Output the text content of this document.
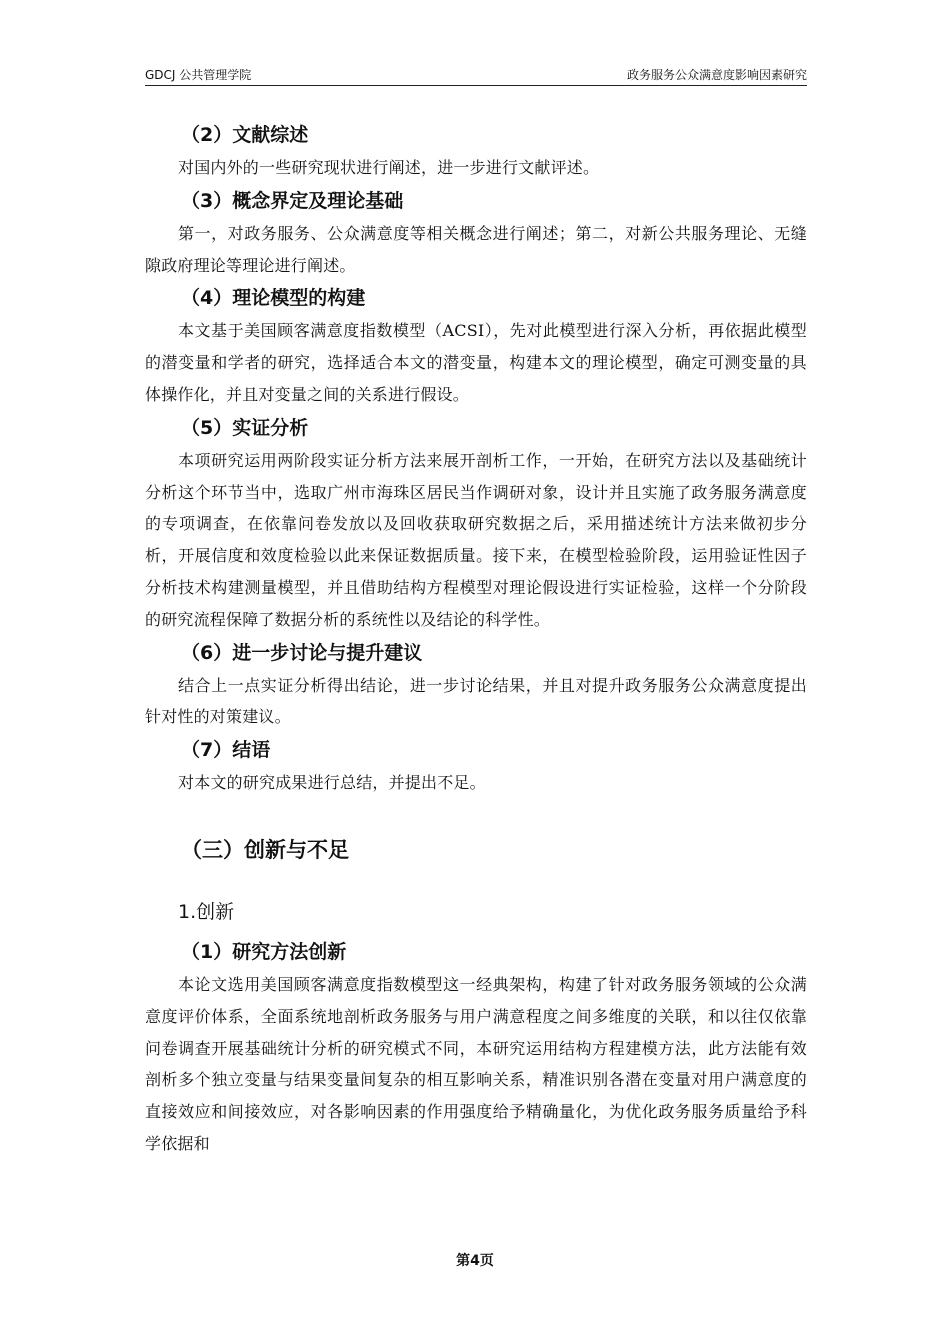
GDCJ 公共管理学院	政务服务公众满意度影响因素研究
（2）文献综述

对国内外的一些研究现状进行阐述，进一步进行文献评述。

（3）概念界定及理论基础

第一，对政务服务、公众满意度等相关概念进行阐述；第二，对新公共服务理论、无缝隙政府理论等理论进行阐述。

（4）理论模型的构建

本文基于美国顾客满意度指数模型（ACSI），先对此模型进行深入分析，再依据此模型的潜变量和学者的研究，选择适合本文的潜变量，构建本文的理论模型，确定可测变量的具体操作化，并且对变量之间的关系进行假设。

（5）实证分析

本项研究运用两阶段实证分析方法来展开剖析工作，一开始，在研究方法以及基础统计分析这个环节当中，选取广州市海珠区居民当作调研对象，设计并且实施了政务服务满意度的专项调查，在依靠问卷发放以及回收获取研究数据之后，采用描述统计方法来做初步分析，开展信度和效度检验以此来保证数据质量。接下来，在模型检验阶段，运用验证性因子分析技术构建测量模型，并且借助结构方程模型对理论假设进行实证检验，这样一个分阶段的研究流程保障了数据分析的系统性以及结论的科学性。

（6）进一步讨论与提升建议

结合上一点实证分析得出结论，进一步讨论结果，并且对提升政务服务公众满意度提出针对性的对策建议。

（7）结语

对本文的研究成果进行总结，并提出不足。

（三）创新与不足
1.创新
（1）研究方法创新

本论文选用美国顾客满意度指数模型这一经典架构，构建了针对政务服务领域的公众满意度评价体系，全面系统地剖析政务服务与用户满意程度之间多维度的关联，和以往仅依靠问卷调查开展基础统计分析的研究模式不同，本研究运用结构方程建模方法，此方法能有效剖析多个独立变量与结果变量间复杂的相互影响关系，精准识别各潜在变量对用户满意度的直接效应和间接效应，对各影响因素的作用强度给予精确量化，为优化政务服务质量给予科学依据和

第4页
